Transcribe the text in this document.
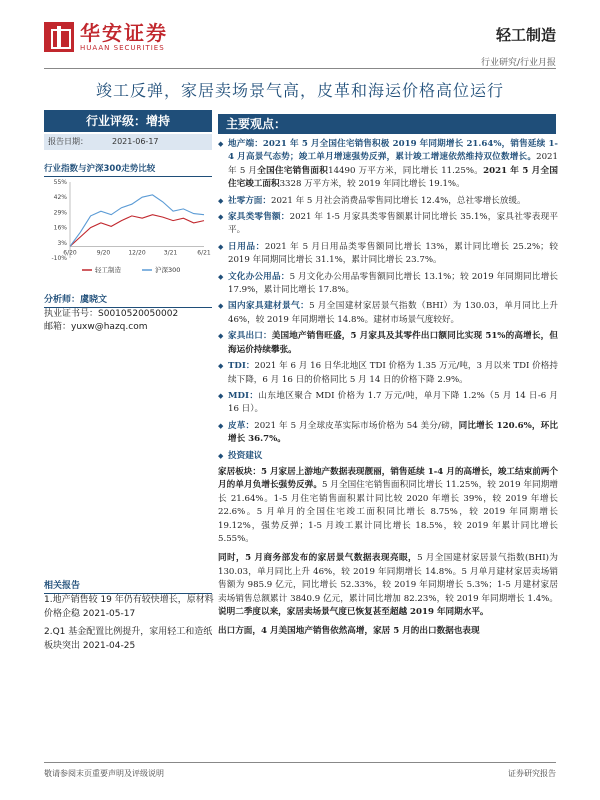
华安证券
HUAAN SECURITIES
轻工制造
行业研究/行业月报
竣工反弹，家居卖场景气高，皮革和海运价格高位运行
行业评级：增持
报告日期：	2021-06-17
行业指数与沪深300走势比较
55%
42%
29%
16%
3%
-10%
6/20	9/20	12/20	3/21	6/21
轻工制造	沪深300
分析师：虞晓文
执业证书号：S0010520050002
邮箱：yuxw@hazq.com
相关报告
1.地产销售较 19 年仍有较快增长，原材料价格企稳 2021-05-17
2.Q1 基金配置比例提升，家用轻工和造纸板块突出 2021-04-25
主要观点：
◆ 地产端：2021 年 5 月全国住宅销售积极 2019 年同期增长 21.64%，销售延续 1-4 月高景气态势；竣工单月增速强势反弹，累计竣工增速依然维持双位数增长。2021 年 5 月全国住宅销售面积14490 万平方米，同比增长 11.25%。2021 年 5 月全国住宅竣工面积3328 万平方米，较 2019 年同比增长 19.1%。
◆ 社零方面：2021 年 5 月社会消费品零售同比增长 12.4%，总社零增长放缓。
◆ 家具类零售额：2021 年 1-5 月家具类零售额累计同比增长 35.1%，家具社零表现平平。
◆ 日用品：2021 年 5 月日用品类零售额同比增长 13%，累计同比增长 25.2%；较 2019 年同期同比增长 31.1%，累计同比增长 23.7%。
◆ 文化办公用品：5 月文化办公用品零售额同比增长 13.1%；较 2019 年同期同比增长 17.9%，累计同比增长 17.8%。
◆ 国内家具建材景气：5 月全国建材家居景气指数（BHI）为 130.03，单月同比上升 46%，较 2019 年同期增长 14.8%。建材市场景气度较好。
◆ 家具出口：美国地产销售旺盛，5 月家具及其零件出口额同比实现 51%的高增长，但海运价持续攀张。
◆ TDI：2021 年 6 月 16 日华北地区 TDI 价格为 1.35 万元/吨，3 月以来 TDI 价格持续下降，6 月 16 日的价格同比 5 月 14 日的价格下降 2.9%。
◆ MDI：山东地区聚合 MDI 价格为 1.7 万元/吨，单月下降 1.2%（5 月 14 日-6 月 16 日）。
◆ 皮革：2021 年 5 月全球皮革实际市场价格为 54 美分/磅，同比增长 120.6%，环比增长 36.7%。
◆ 投资建议
家居板块：5 月家居上游地产数据表现靓丽，销售延续 1-4 月的高增长，竣工结束前两个月的单月负增长强势反弹。5 月全国住宅销售面积同比增长 11.25%，较 2019 年同期增长 21.64%。1-5 月住宅销售面积累计同比较 2020 年增长 39%，较 2019 年增长 22.6%。5 月单月的全国住宅竣工面积同比增长 8.75%，较 2019 年同期增长 19.12%，强势反弹；1-5 月竣工累计同比增长 18.5%，较 2019 年累计同比增长 5.55%。
同时，5 月商务部发布的家居景气数据表现亮眼，5 月全国建材家居景气指数(BHI)为 130.03，单月同比上升 46%，较 2019 年同期增长 14.8%。5 月单月建材家居卖场销售额为 985.9 亿元，同比增长 52.33%，较 2019 年同期增长 5.3%；1-5 月建材家居卖场销售总额累计 3840.9 亿元，累计同比增加 82.23%，较 2019 年同期增长 1.4%。说明二季度以来，家居卖场景气度已恢复甚至超越 2019 年同期水平。
出口方面，4 月美国地产销售依然高增，家居 5 月的出口数据也表现
敬请参阅末页重要声明及评级说明	证券研究报告
